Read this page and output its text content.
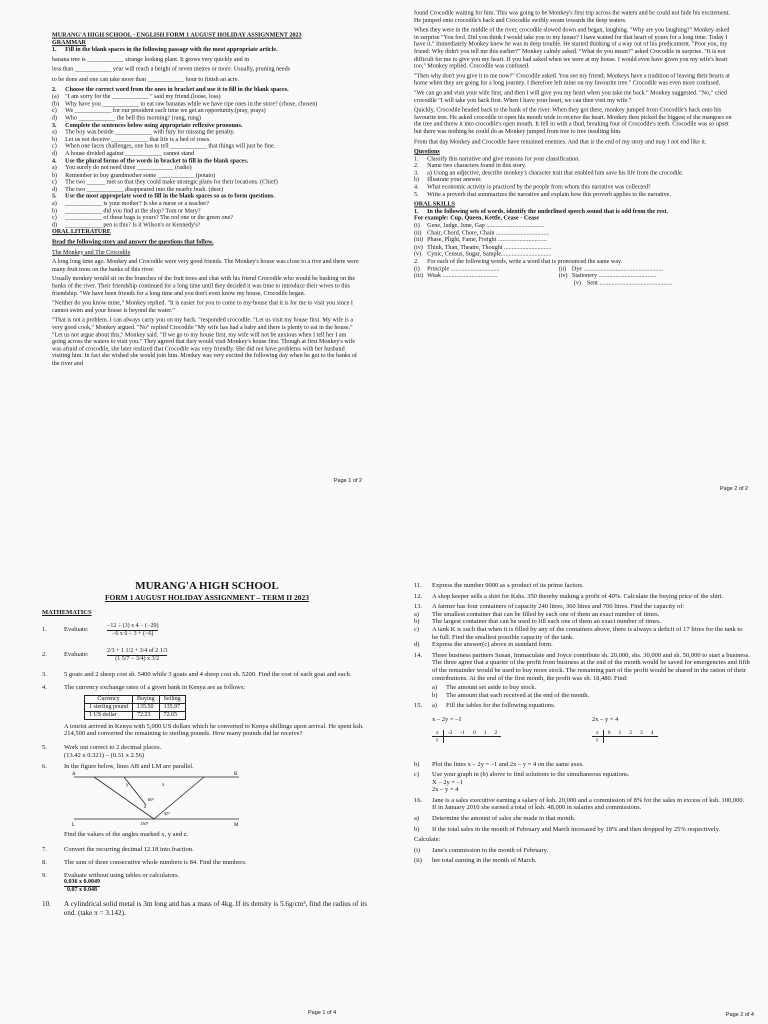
MURANG'A HIGH SCHOOL - ENGLISH FORM 1 AUGUST HOLIDAY ASSIGNMENT 2023
GRAMMAR
1.	Fill in the blank spaces in the following passage with the most appropriate article.
banana tree is ____________ strange looking plant. It grows very quickly and in
less than ____________ year will reach a height of seven metres or more. Usually, pruning needs
to be done and one can take more than ____________ hour to finish an acre.
2.	Choose the correct word from the ones in bracket and use it to fill in the blank spaces.
(a) "I am sorry for the ____________ " said my friend.(loose, loss)
(b) Why have you ____________ to eat raw bananas while we have ripe ones in the store? (chose, chosen)
c)	We ____________ for our president each time we get an opportunity.(pray, prays)
d)	Who ____________ the bell this morning? (rang, rung)
3.	Complete the sentences below using appropriate reflexive pronouns.
a)	The boy was beside ____________ with fury for missing the penalty.
b)	Let us not deceive ____________ that life is a bed of roses.
c)	When one faces challenges, one has to tell ____________ that things will just be fine.
d)	A house divided against ____________ cannot stand
4.	Use the plural forms of the words in bracket to fill in the blank spaces.
a)	You surely do not need three ____________ (radio)
b)	Remember to buy grandmother some ____________ (potato)
c)	The two ______ met so that they could make strategic plans for their locations. (Chief)
d)	The two ____________ disappeared into the nearby bush. (deer)
5.	Use the most appropriate word to fill in the blank spaces so as to form questions.
a)	____________ is your mother? Is she a nurse or a teacher?
b)	____________ did you find at the shop? Tom or Mary?
c)	____________ of these bags is yours? The red one or the green one?
d)	____________ pen is this? Is it Wilson's or Kennedy's?
ORAL LITERATURE
Read the following story and answer the questions that follow.
The Monkey and The Crocodile
A long long time ago. Monkey and Crocodile were very good friends. The Monkey's house was close to a rive and there were many fruit trees on the banks of this river.
Usually monkey would sit on the branches of the fruit trees and chat with his friend Crocodile who would be basking on the banks of the river. Their friendship continued for a long time until they decided it was time to introduce their wives to this friendship. "We have been friends for a long time and you don't even know my house, Crocodile began.
"Neither do you know mine," Monkey replied. "It is easier for you to come to my-house that it is for me to visit you since I cannot swim and your house is beyond the water."
"That is not a problem. I can always carry you on my back. "responded crocodile. "Let us visit my house first. My wife is a very good cook," Monkey argued. "No" replied Crocodile "My wife has had a baby and there is plenty to eat in the house." "Let us not argue about this," Monkey said. "If we go to my house first, my wife will not be anxious when I tell her I am going across the waters to visit you." They agreed that they would visit Monkey's house first. Though at first Monkey's wife was afraid of crocodile, she later realized that Crocodile was very friendly. She did not have problems with her husband visiting him. In fact she wished she would join him. Monkey was very excited the following day when he got to the banks of the river and
Page 1 of 2
found Crocodile waiting for him. This was going to be Monkey's first trip across the waters and he could not hide his excitement. He jumped onto crocodile's back and Crocodile swiftly swam towards the deep waters.
When they were in the middle of the river, crocodile slowed down and began, laughing. "Why are you laughing?" Monkey asked in surprise "You fool. Did you think I would take you to my house? I have waited for that heart of yours for a long time. Today I have it." Immediately Monkey knew he was in deep trouble. He started thinking of a way out of his predicament. "Poor you, my friend: Why didn't you tell me this earlier?" Monkey calmly asked. "What do you mean?" asked Crocodile in surprise. "It is not difficult for me to give you my heart. If you had asked when we were at my house. I would even have given you my wife's heart too," Monkey replied. Crocodile was confused.
"Then why don't you give it to me now?" Crocodile asked. You see my friend; Monkeys have a tradition of leaving their hearts at home when they are going for a long journey. I therefore left mine on my favourite tree." Crocodile was even more confused.
"We can go and visit your wife first, and then I will give you my heart when you take me back." Monkey suggested. "No," cried crocodile "I will take you back first. When I have your heart, we can then visit my wife."
Quickly, Crocodile headed back to the bank of the river. When they got there, monkey jumped from Crocodile's back onto his favourite tree. He asked crocodile to open his mouth wide to receive the heart. Monkey then picked the biggest of the mangoes on the tree and threw it into crocodile's open mouth. It fell in with a thud, breaking four of Crocodile's teeth. Crocodile was so upset but there was nothing he could do as Monkey jumped from tree to tree insulting him.
From that day Monkey and Crocodile have remained enemies. And that is the end of my story and may I not end like it.
Questions
1.	Classify this narrative and give reasons for your classification.
2.	Name two characters found in this story.
3.	a) Using an adjective, describe monkey's character trait that enabled him save his life from the crocodile.
b)	Illustrate your answer.
4.	What economic activity is practiced by the people from whom this narrative was collected?
5.	Write a proverb that summarizes the narrative and explain how this proverb applies to the narrative.
ORAL SKILLS
1.	In the following sets of words, identify the underlined speech sound that is odd from the rest.
For example: Cup, Queen, Kettle, Cease - Cease
(i)	Gene, Judge, June, Gap ......................................
(ii) Chair, Chord, Chore, Chain ...................................
(iii) Phase, Plight, Fame, Freight ................................
(iv) Think, Than, Theatre, Thought ...............................
(v) Cynic, Census, Sugar, Sample.................................
2.	For each of the following words, write a word that is pronounced the same way.
(i)	Principle ................................	(ii) Dye ....................................................
(iii) Weak ....................................	(iv) Stationery ......................................
(v) Sent ................................................
Page 2 of 2
MURANG'A HIGH SCHOOL
FORM 1 AUGUST HOLIDAY ASSIGNMENT – TERM II 2023
MATHEMATICS
1.	Evaluate:	$\frac{-12 \div (3) x 4 - (-20)}{-6 x 6 \div 3 + (-6)}$
2.	Evaluate:	$\frac{2/3 + 1 1/2 + 3/4 of 2 1/3}{(1 5/7 - 3/4) x 3/2}$
3.	5 goats and 2 sheep cost sh. 5400 while 3 goats and 4 sheep cost sh. 5200. Find the cost of each goat and each.
4.	The currency exchange rates of a given bank in Kenya are as follows:
Currency	Buying	Selling
1 sterling pound	135.50	135.97
1 US dollar	72.23	72.65
A tourist arrived in Kenya with 5,000 US dollars which he converted to Kenya shillings upon arrival. He spent ksh. 214,500 and converted the remaining to sterling pounds. How many pounds did he receive?
5.	Work out correct to 2 decimal places.
(13.42 x 0.321) – (0.31 x 2.56)
6.	In the figure below, lines AB and LM are parallel.
A	B
L	M
y	x
60°
z
130°
45°
Find the values of the angles marked x, y and z.
7.	Convert the recurring decimal 12.18 into fraction.
8.	The sum of three consecutive whole numbers is 84. Find the numbers.
9.	Evaluate without using tables or calculators.
$\frac{0.036 x 0.0049}{0.07 x 0.048}$
10.	A cylindrical solid metal is 3m long and has a mass of 4kg. If its density is 5.6g/cm³, find the radius of its end. (take π = 3.142).
Page 1 of 4
11.	Express the number 9000 as a product of its prime factors.
12.	A shop keeper sells a shirt for Kshs. 350 thereby making a profit of 40%. Calculate the buying price of the shirt.
13.	A farmer has four containers of capacity 240 litres, 360 litres and 700 litres. Find the capacity of:
a)	The smallest container that can be filled by each one of them an exact number of times.
b)	The largest container that can be used to fill each one of them an exact number of times.
c)	A tank K is such that when it is filled by any of the containers above, there is always a deficit of 17 litres for the tank to be full. Find the smallest possible capacity of the tank.
d)	Express the answer(c) above in standard form.
14.	Three business partners Susan, Immaculate and Joyce contribute sh. 20,000, shs. 30,000 and sh. 50,000 to start a business. The three agree that a quarter of the profit from business at the end of the month would be saved for emergencies and fifth of the remainder would be used to buy more stock. The remaining part of the profit would be shared in the ration of their contributions. At the end of the first month, the profit was sh. 18,480. Find:
a)	The amount set aside to buy stock.
b)	The amount that each received at the end of the month.
15.	a)	Fill the tables for the following equations.
x – 2y = –1
x	-2	-1	0	1	2
y					
2x – y = 4
x	0	1	2	3	4
y					
b)	Plot the lines x – 2y = –1 and 2x – y = 4 on the same axes.
c)	Use your graph in (b) above to find solutions to the simultaneous equations.
X – 2y = –1
2x – y = 4
16.	Jane is a sales executive earning a salary of ksh. 20,000 and a commission of 8% for the sales in excess of ksh. 100,000. If in January 2010 she earned a total of ksh. 48,000 in salaries and commissions.
a)	Determine the amount of sales she made in that month.
b)	If the total sales in the month of February and March increased by 18% and then dropped by 25% respectively.
Calculate:
(i)	Jane's commission in the month of February.
(ii)	her total earning in the month of March.
Page 2 of 4
